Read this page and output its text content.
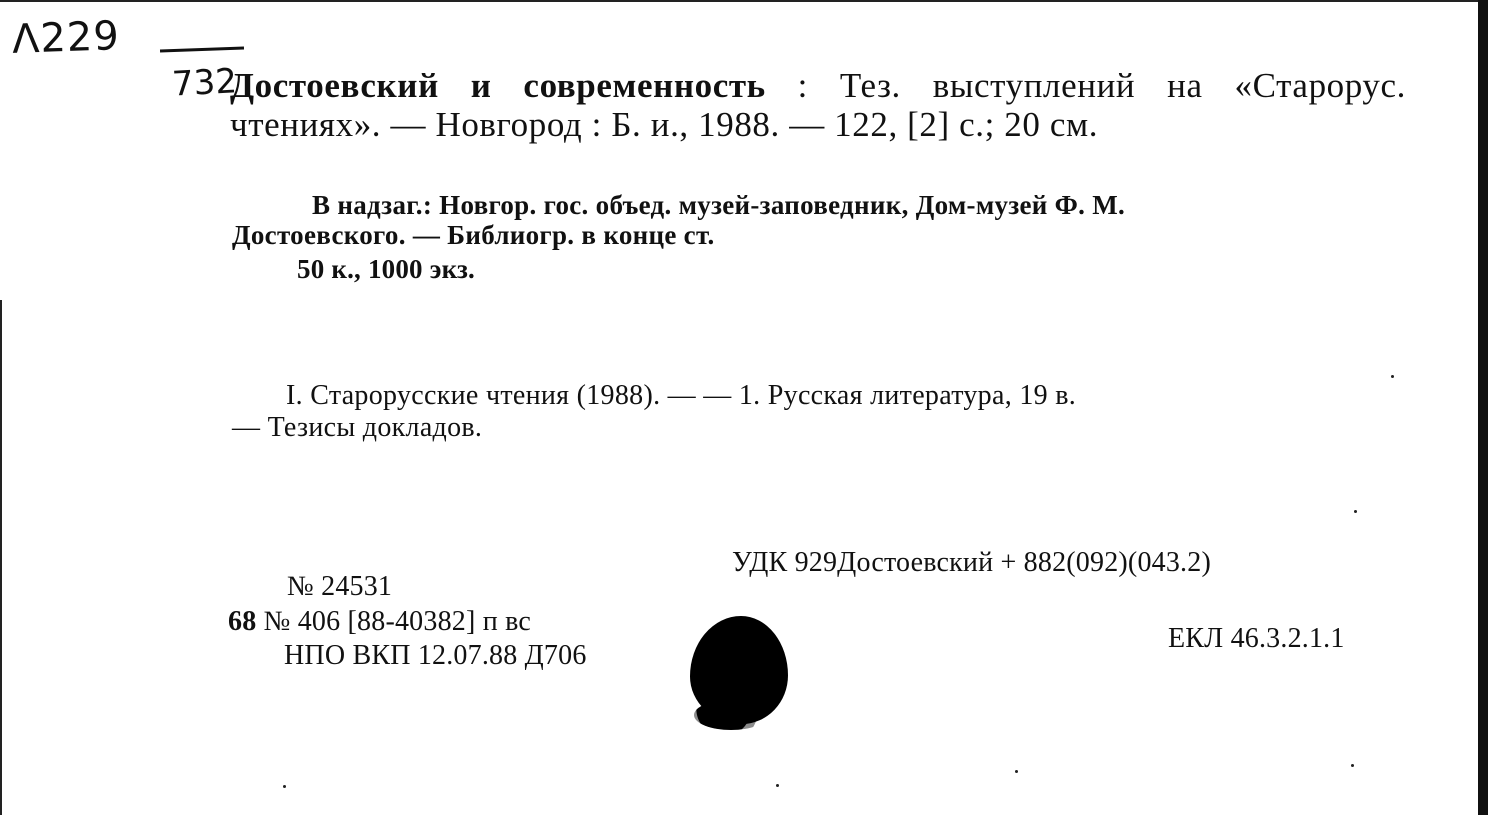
Λ229
732
Достоевский и современность : Тез. выступлений на «Старорус. чтениях». — Новгород : Б. и., 1988. — 122, [2] с.; 20 см.
В надзаг.: Новгор. гос. объед. музей-заповедник, Дом-музей Ф. М.
Достоевского. — Библиогр. в конце ст.
50 к., 1000 экз.
I. Старорусские чтения (1988). — — 1. Русская литература, 19 в.
— Тезисы докладов.
УДК 929Достоевский + 882(092)(043.2)
№ 24531
68 № 406 [88-40382] п вс
НПО ВКП 12.07.88 Д706
ЕКЛ 46.3.2.1.1
